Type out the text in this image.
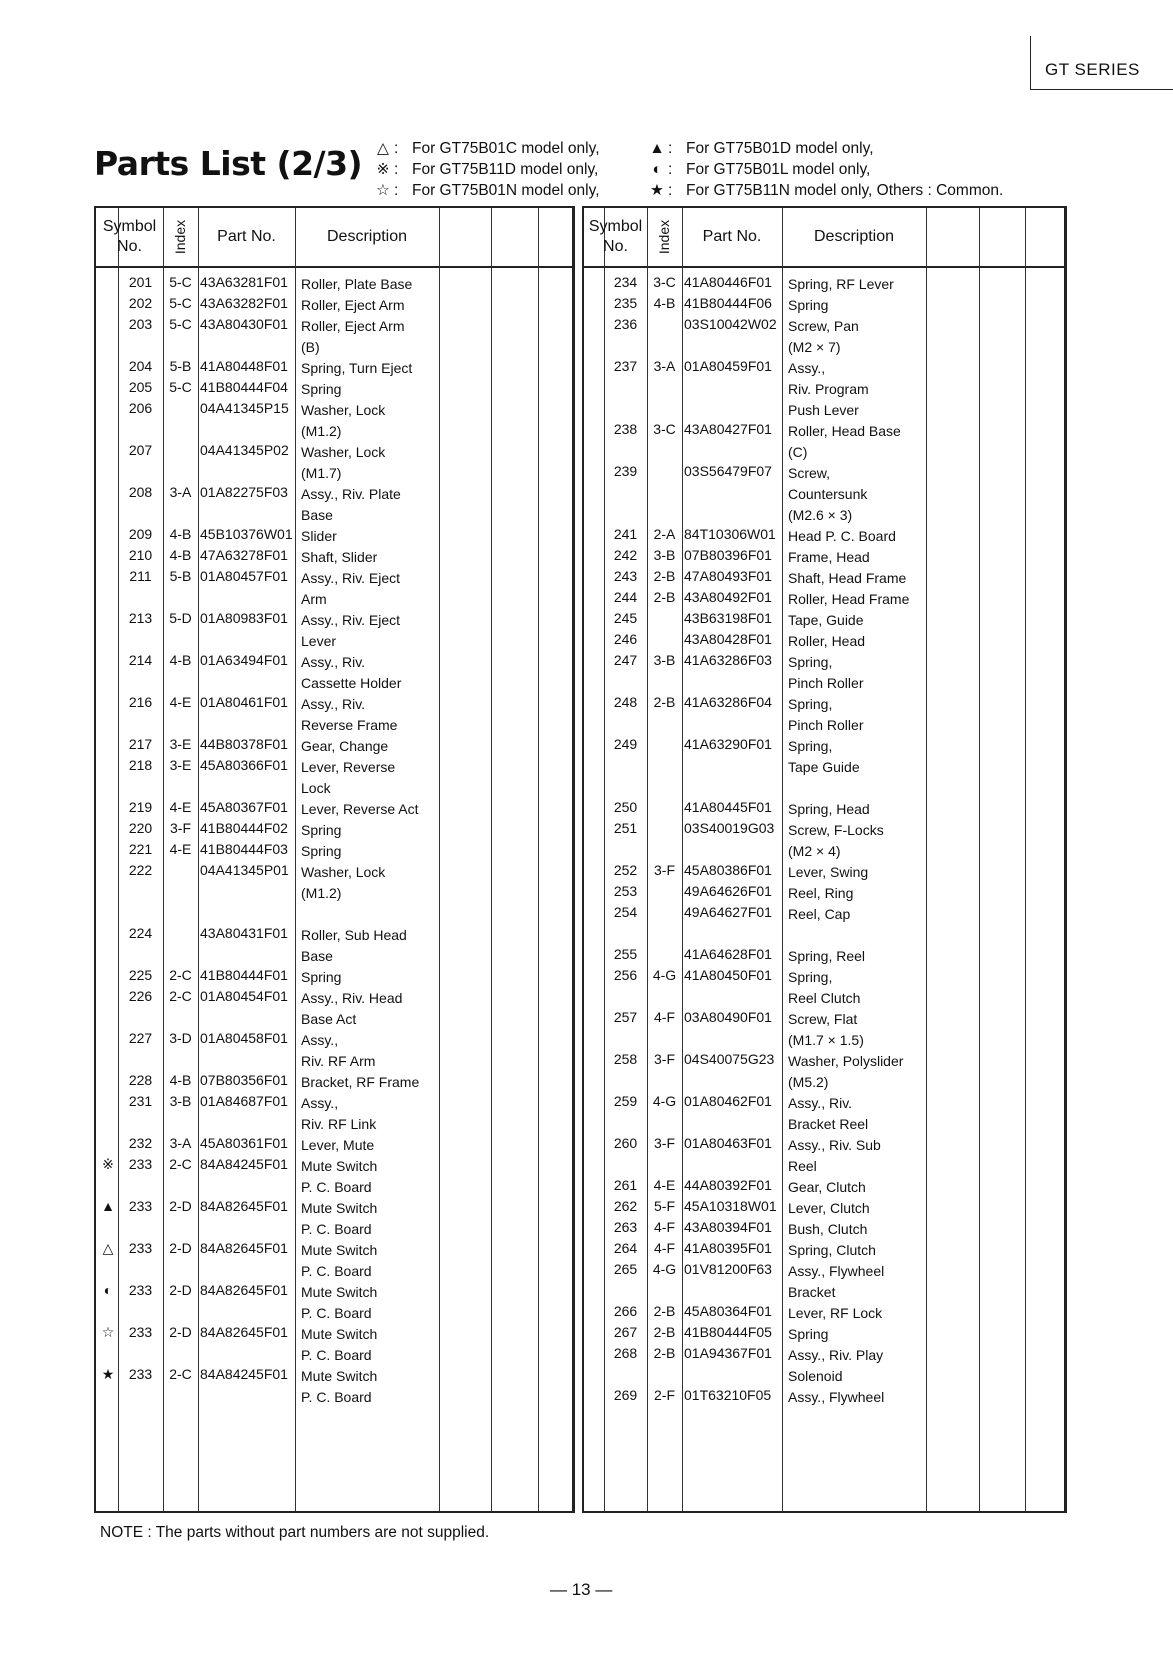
GT SERIES
Parts List (2/3) △ : For GT75B01C model only,
※ : For GT75B11D model only,
☆ : For GT75B01N model only,
▲ : For GT75B01D model only,
◐ : For GT75B01L model only,
★ : For GT75B11N model only, Others : Common.
Symbol
No.	Index Part No.	Description
201	5-C 43A63281F01 Roller, Plate Base
202	5-C 43A63282F01 Roller, Eject Arm
203	5-C 43A80430F01 Roller, Eject Arm
(B)
204	5-B 41A80448F01 Spring, Turn Eject
205	5-C 41B80444F04 Spring
206	04A41345P15 Washer, Lock
(M1.2)
207	04A41345P02 Washer, Lock
(M1.7)
208	3-A 01A82275F03 Assy., Riv. Plate
Base
209	4-B 45B10376W01 Slider
210	4-B 47A63278F01 Shaft, Slider
211	5-B 01A80457F01 Assy., Riv. Eject
Arm
213	5-D 01A80983F01 Assy., Riv. Eject
Lever
214	4-B 01A63494F01 Assy., Riv.
Cassette Holder
216	4-E 01A80461F01 Assy., Riv.
Reverse Frame
217	3-E 44B80378F01 Gear, Change
218	3-E 45A80366F01 Lever, Reverse
Lock
219	4-E 45A80367F01 Lever, Reverse Act
220	3-F 41B80444F02 Spring
221	4-E 41B80444F03 Spring
222	04A41345P01 Washer, Lock
(M1.2)
224	43A80431F01 Roller, Sub Head
Base
225	2-C 41B80444F01 Spring
226	2-C 01A80454F01 Assy., Riv. Head
Base Act
227	3-D 01A80458F01 Assy.,
Riv. RF Arm
228	4-B 07B80356F01 Bracket, RF Frame
231	3-B 01A84687F01 Assy.,
Riv. RF Link
232	3-A 45A80361F01 Lever, Mute
※	233	2-C 84A84245F01 Mute Switch
P. C. Board
▲ 233	2-D 84A82645F01 Mute Switch
P. C. Board
△	233	2-D 84A82645F01 Mute Switch
P. C. Board
◐	233	2-D 84A82645F01 Mute Switch
P. C. Board
☆	233	2-D 84A82645F01 Mute Switch
P. C. Board
★	233	2-C 84A84245F01 Mute Switch
P. C. Board
Symbol
No.	Index Part No.	Description
234	3-C 41A80446F01	Spring, RF Lever
235	4-B 41B80444F06	Spring
236	03S10042W02 Screw, Pan
(M2 × 7)
237	3-A 01A80459F01	Assy.,
Riv. Program
Push Lever
238	3-C 43A80427F01	Roller, Head Base
(C)
239	03S56479F07	Screw,
Countersunk
(M2.6 × 3)
241	2-A 84T10306W01 Head P. C. Board
242	3-B 07B80396F01	Frame, Head
243	2-B 47A80493F01	Shaft, Head Frame
244	2-B 43A80492F01	Roller, Head Frame
245	43B63198F01	Tape, Guide
246	43A80428F01	Roller, Head
247	3-B 41A63286F03	Spring,
Pinch Roller
248	2-B 41A63286F04	Spring,
Pinch Roller
249	41A63290F01	Spring,
Tape Guide
250	41A80445F01	Spring, Head
251	03S40019G03 Screw, F-Locks
(M2 × 4)
252	3-F 45A80386F01	Lever, Swing
253	49A64626F01	Reel, Ring
254	49A64627F01	Reel, Cap
255	41A64628F01	Spring, Reel
256	4-G 41A80450F01	Spring,
Reel Clutch
257	4-F 03A80490F01	Screw, Flat
(M1.7 × 1.5)
258	3-F 04S40075G23 Washer, Polyslider
(M5.2)
259	4-G 01A80462F01	Assy., Riv.
Bracket Reel
260	3-F 01A80463F01	Assy., Riv. Sub
Reel
261	4-E 44A80392F01	Gear, Clutch
262	5-F 45A10318W01 Lever, Clutch
263	4-F 43A80394F01	Bush, Clutch
264	4-F 41A80395F01	Spring, Clutch
265	4-G 01V81200F63	Assy., Flywheel
Bracket
266	2-B 45A80364F01	Lever, RF Lock
267	2-B 41B80444F05	Spring
268	2-B 01A94367F01	Assy., Riv. Play
Solenoid
269	2-F 01T63210F05	Assy., Flywheel
NOTE : The parts without part numbers are not supplied.
— 13 —
